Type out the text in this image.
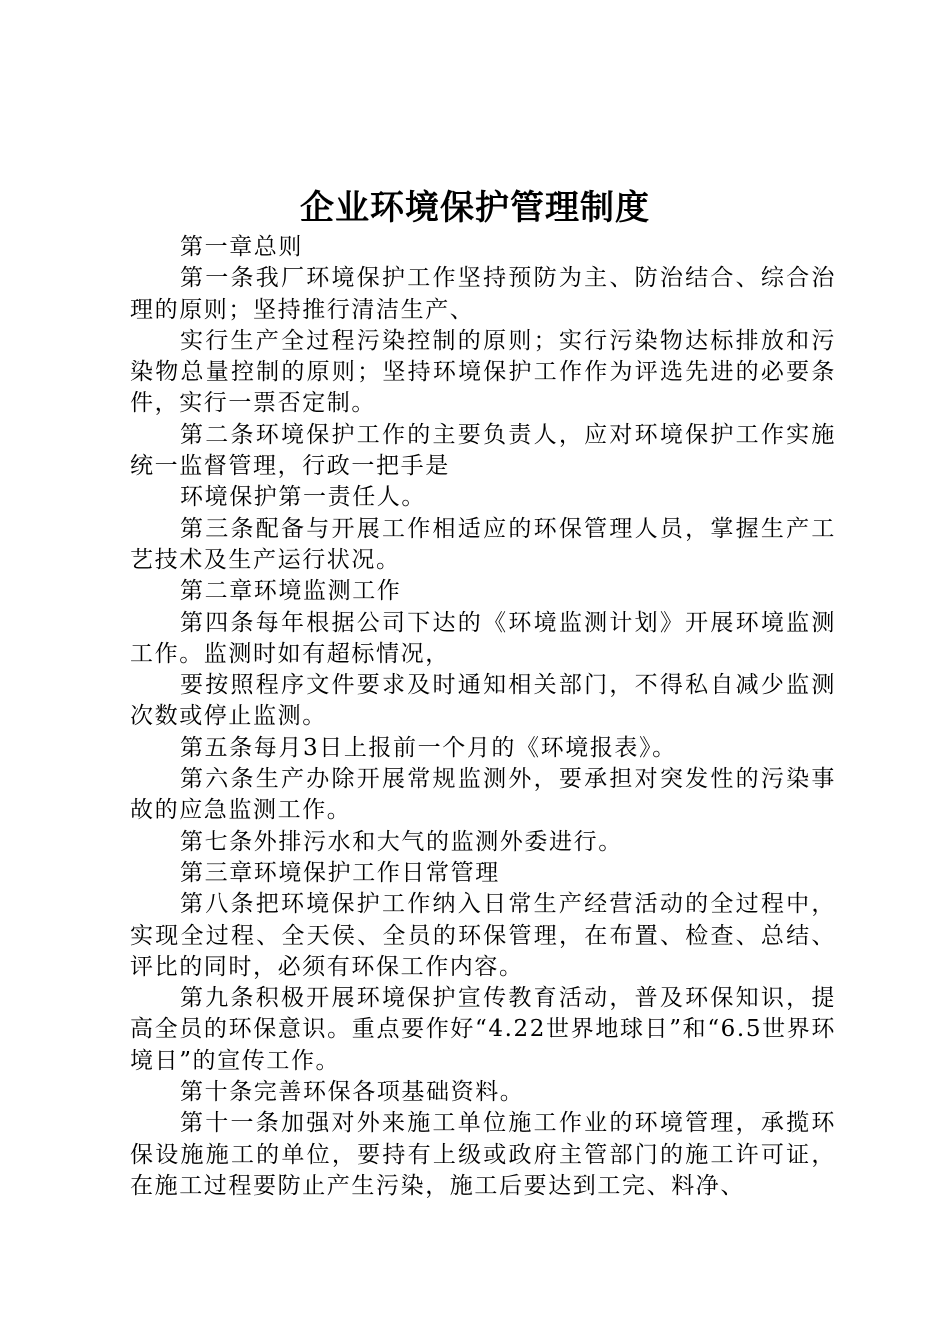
企业环境保护管理制度

第一章总则

第一条我厂环境保护工作坚持预防为主、防治结合、综合治理的原则；坚持推行清洁生产、

实行生产全过程污染控制的原则；实行污染物达标排放和污染物总量控制的原则；坚持环境保护工作作为评选先进的必要条件，实行一票否定制。

第二条环境保护工作的主要负责人，应对环境保护工作实施统一监督管理，行政一把手是

环境保护第一责任人。

第三条配备与开展工作相适应的环保管理人员，掌握生产工艺技术及生产运行状况。

第二章环境监测工作

第四条每年根据公司下达的《环境监测计划》开展环境监测工作。监测时如有超标情况，

要按照程序文件要求及时通知相关部门，不得私自减少监测次数或停止监测。

第五条每月3日上报前一个月的《环境报表》。

第六条生产办除开展常规监测外，要承担对突发性的污染事故的应急监测工作。

第七条外排污水和大气的监测外委进行。

第三章环境保护工作日常管理

第八条把环境保护工作纳入日常生产经营活动的全过程中，实现全过程、全天侯、全员的环保管理，在布置、检查、总结、评比的同时，必须有环保工作内容。

第九条积极开展环境保护宣传教育活动，普及环保知识，提高全员的环保意识。重点要作好“4.22世界地球日”和“6.5世界环境日”的宣传工作。

第十条完善环保各项基础资料。

第十一条加强对外来施工单位施工作业的环境管理，承揽环保设施施工的单位，要持有上级或政府主管部门的施工许可证，在施工过程要防止产生污染，施工后要达到工完、料净、
